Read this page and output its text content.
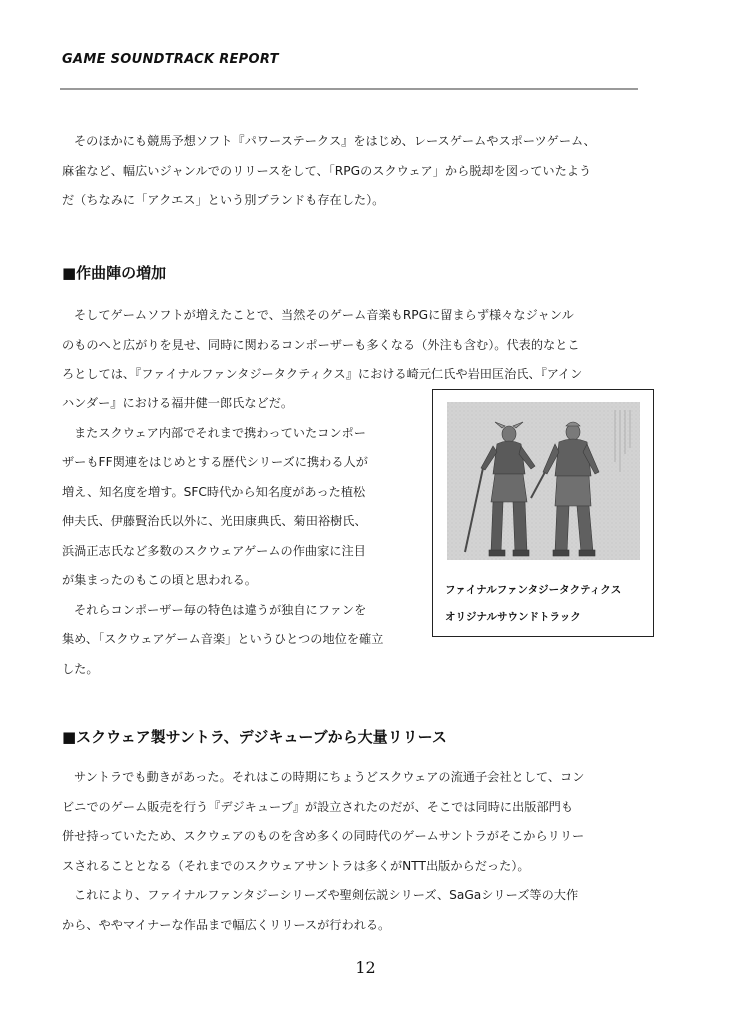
GAME SOUNDTRACK REPORT
そのほかにも競馬予想ソフト『パワーステークス』をはじめ、レースゲームやスポーツゲーム、
麻雀など、幅広いジャンルでのリリースをして、「RPGのスクウェア」から脱却を図っていたよう
だ（ちなみに「アクエス」という別ブランドも存在した）。
■作曲陣の増加
そしてゲームソフトが増えたことで、当然そのゲーム音楽もRPGに留まらず様々なジャンル
のものへと広がりを見せ、同時に関わるコンポーザーも多くなる（外注も含む）。代表的なとこ
ろとしては、『ファイナルファンタジータクティクス』における崎元仁氏や岩田匡治氏、『アイン
ハンダー』における福井健一郎氏などだ。
またスクウェア内部でそれまで携わっていたコンポー
ザーもFF関連をはじめとする歴代シリーズに携わる人が
増え、知名度を増す。SFC時代から知名度があった植松
伸夫氏、伊藤賢治氏以外に、光田康典氏、菊田裕樹氏、
浜渦正志氏など多数のスクウェアゲームの作曲家に注目
が集まったのもこの頃と思われる。
それらコンポーザー毎の特色は違うが独自にファンを
集め、「スクウェアゲーム音楽」というひとつの地位を確立
した。
ファイナルファンタジータクティクス
オリジナルサウンドトラック
■スクウェア製サントラ、デジキューブから大量リリース
サントラでも動きがあった。それはこの時期にちょうどスクウェアの流通子会社として、コン
ビニでのゲーム販売を行う『デジキューブ』が設立されたのだが、そこでは同時に出版部門も
併せ持っていたため、スクウェアのものを含め多くの同時代のゲームサントラがそこからリリー
スされることとなる（それまでのスクウェアサントラは多くがNTT出版からだった）。
これにより、ファイナルファンタジーシリーズや聖剣伝説シリーズ、SaGaシリーズ等の大作
から、ややマイナーな作品まで幅広くリリースが行われる。
12
